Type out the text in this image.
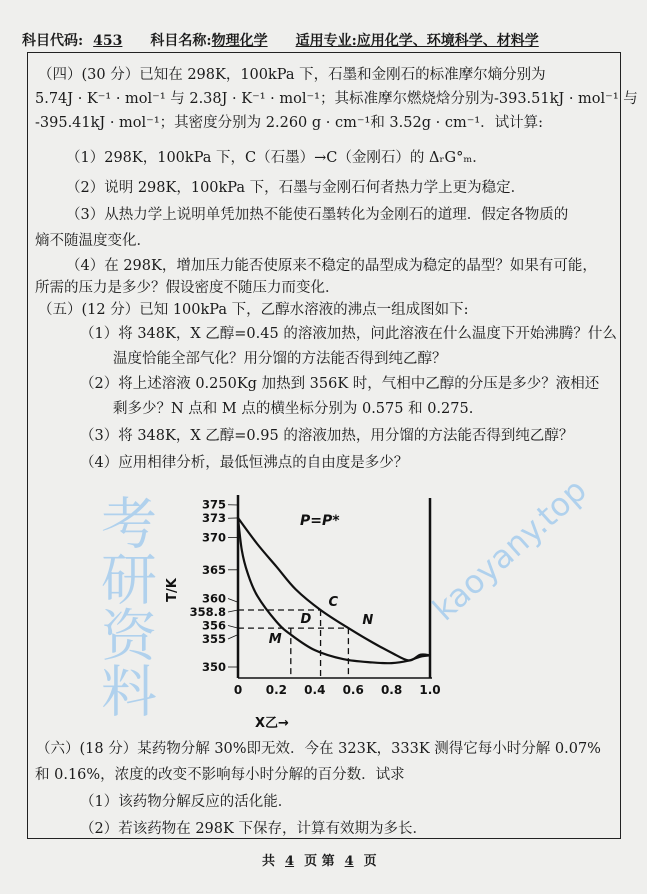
科目代码: 453	科目名称:物理化学	适用专业:应用化学、环境科学、材料学
（四）(30 分）已知在 298K，100kPa 下，石墨和金刚石的标准摩尔熵分别为
5.74J · K⁻¹ · mol⁻¹ 与 2.38J · K⁻¹ · mol⁻¹；其标准摩尔燃烧焓分别为-393.51kJ · mol⁻¹ 与
-395.41kJ · mol⁻¹；其密度分别为 2.260 g · cm⁻¹和 3.52g · cm⁻¹．试计算:
（1）298K，100kPa 下，C（石墨）→C（金刚石）的 ΔᵣG°ₘ．
（2）说明 298K，100kPa 下，石墨与金刚石何者热力学上更为稳定．
（3）从热力学上说明单凭加热不能使石墨转化为金刚石的道理．假定各物质的
熵不随温度变化．
（4）在 298K，增加压力能否使原来不稳定的晶型成为稳定的晶型？如果有可能，
所需的压力是多少？假设密度不随压力而变化．
（五）(12 分）已知 100kPa 下，乙醇水溶液的沸点一组成图如下:
（1）将 348K，X 乙醇=0.45 的溶液加热，问此溶液在什么温度下开始沸腾？什么
温度恰能全部气化？用分馏的方法能否得到纯乙醇？
（2）将上述溶液 0.250Kg 加热到 356K 时，气相中乙醇的分压是多少？液相还
剩多少？N 点和 M 点的横坐标分别为 0.575 和 0.275.
（3）将 348K，X 乙醇=0.95 的溶液加热，用分馏的方法能否得到纯乙醇？
（4）应用相律分析，最低恒沸点的自由度是多少？
375
373
370
365
360
358.8
356
355
350
0 0.2 0.4 0.6 0.8 1.0
P=P*
T/K
X乙→
C
D	N
M
（六）(18 分）某药物分解 30%即无效．今在 323K，333K 测得它每小时分解 0.07%
和 0.16%，浓度的改变不影响每小时分解的百分数．试求
（1）该药物分解反应的活化能．
（2）若该药物在 298K 下保存，计算有效期为多长．
共 4 页 第 4 页
考研资料	kaoyany.top
